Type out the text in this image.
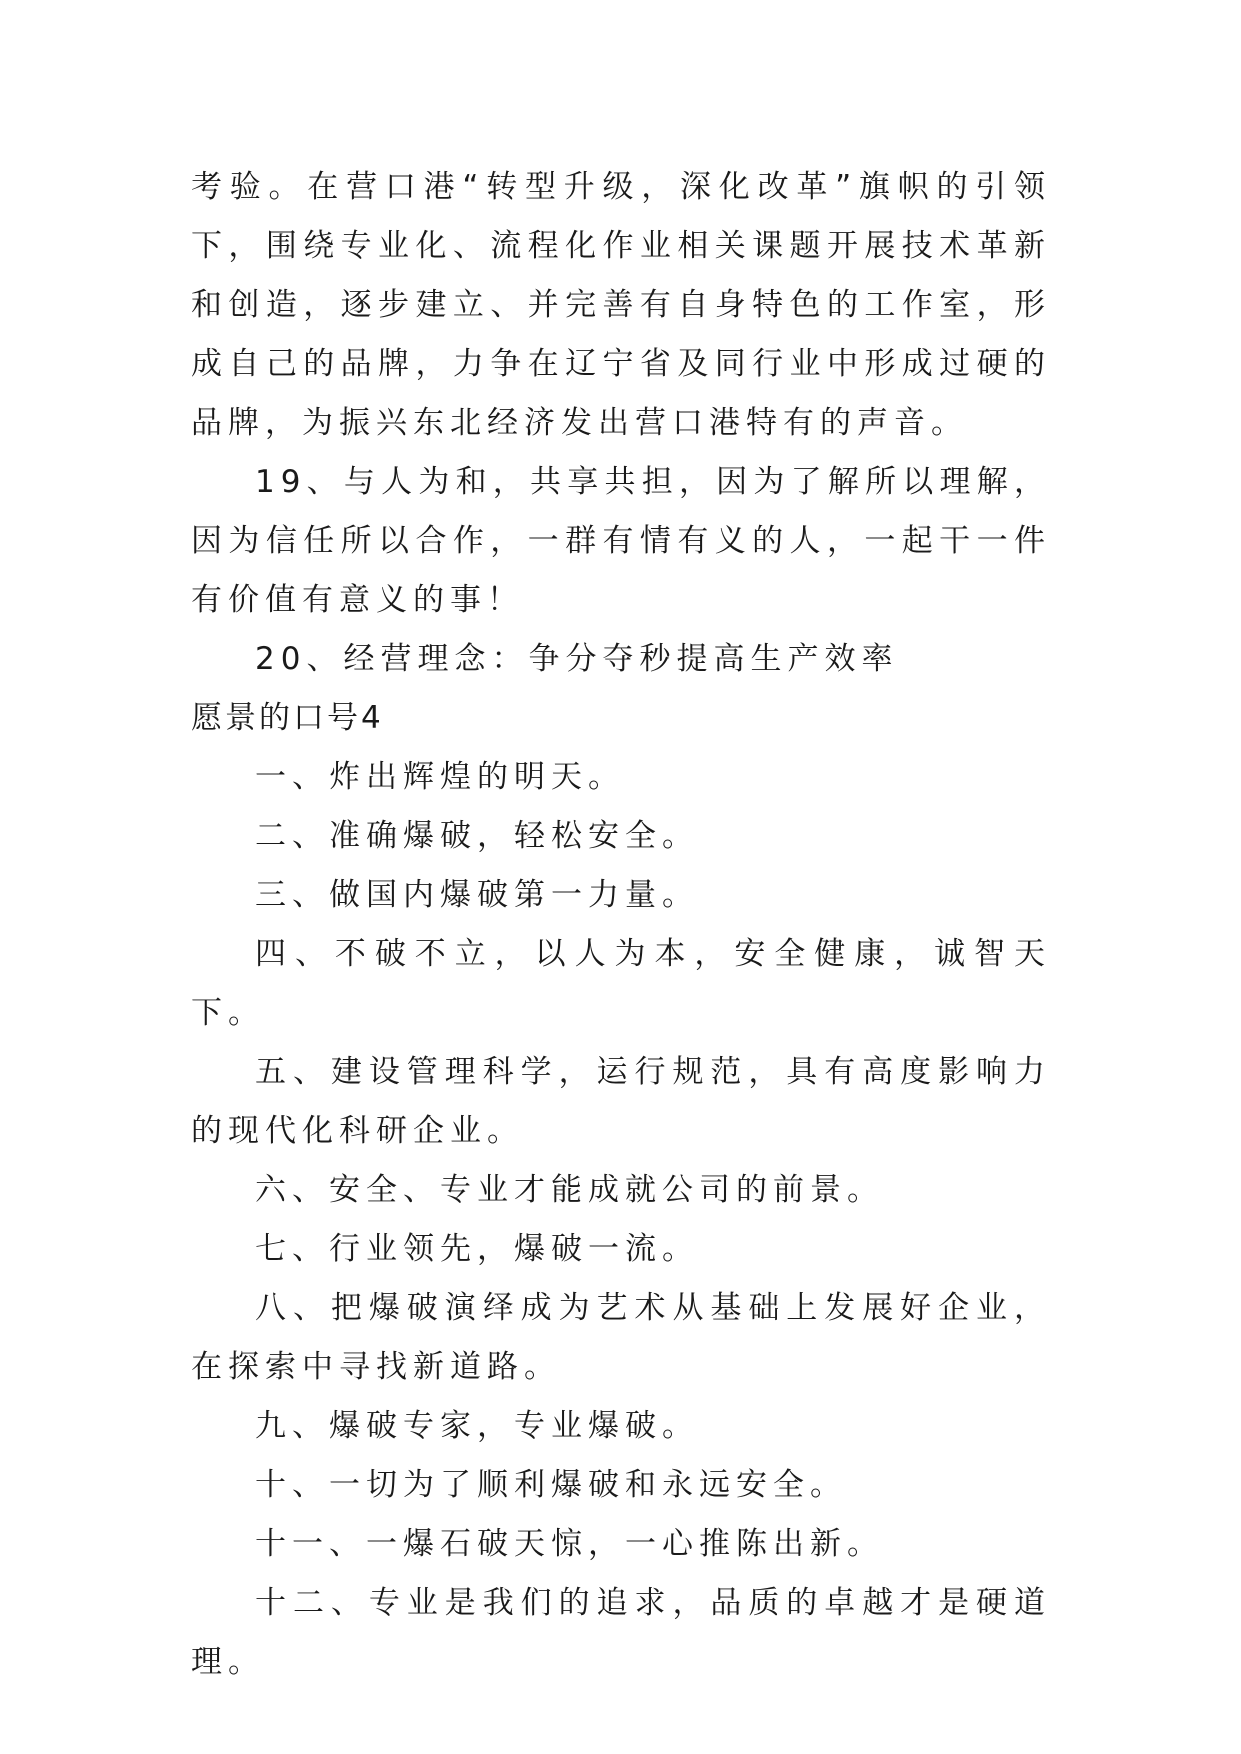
考验。在营口港“转型升级，深化改革”旗帜的引领下，围绕专业化、流程化作业相关课题开展技术革新和创造，逐步建立、并完善有自身特色的工作室，形成自己的品牌，力争在辽宁省及同行业中形成过硬的品牌，为振兴东北经济发出营口港特有的声音。

19、与人为和，共享共担，因为了解所以理解，因为信任所以合作，一群有情有义的人，一起干一件有价值有意义的事！

20、经营理念：争分夺秒提高生产效率

愿景的口号4

一、炸出辉煌的明天。

二、准确爆破，轻松安全。

三、做国内爆破第一力量。

四、不破不立，以人为本，安全健康，诚智天下。

五、建设管理科学，运行规范，具有高度影响力的现代化科研企业。

六、安全、专业才能成就公司的前景。

七、行业领先，爆破一流。

八、把爆破演绎成为艺术从基础上发展好企业，在探索中寻找新道路。

九、爆破专家，专业爆破。

十、一切为了顺利爆破和永远安全。

十一、一爆石破天惊，一心推陈出新。

十二、专业是我们的追求，品质的卓越才是硬道理。
